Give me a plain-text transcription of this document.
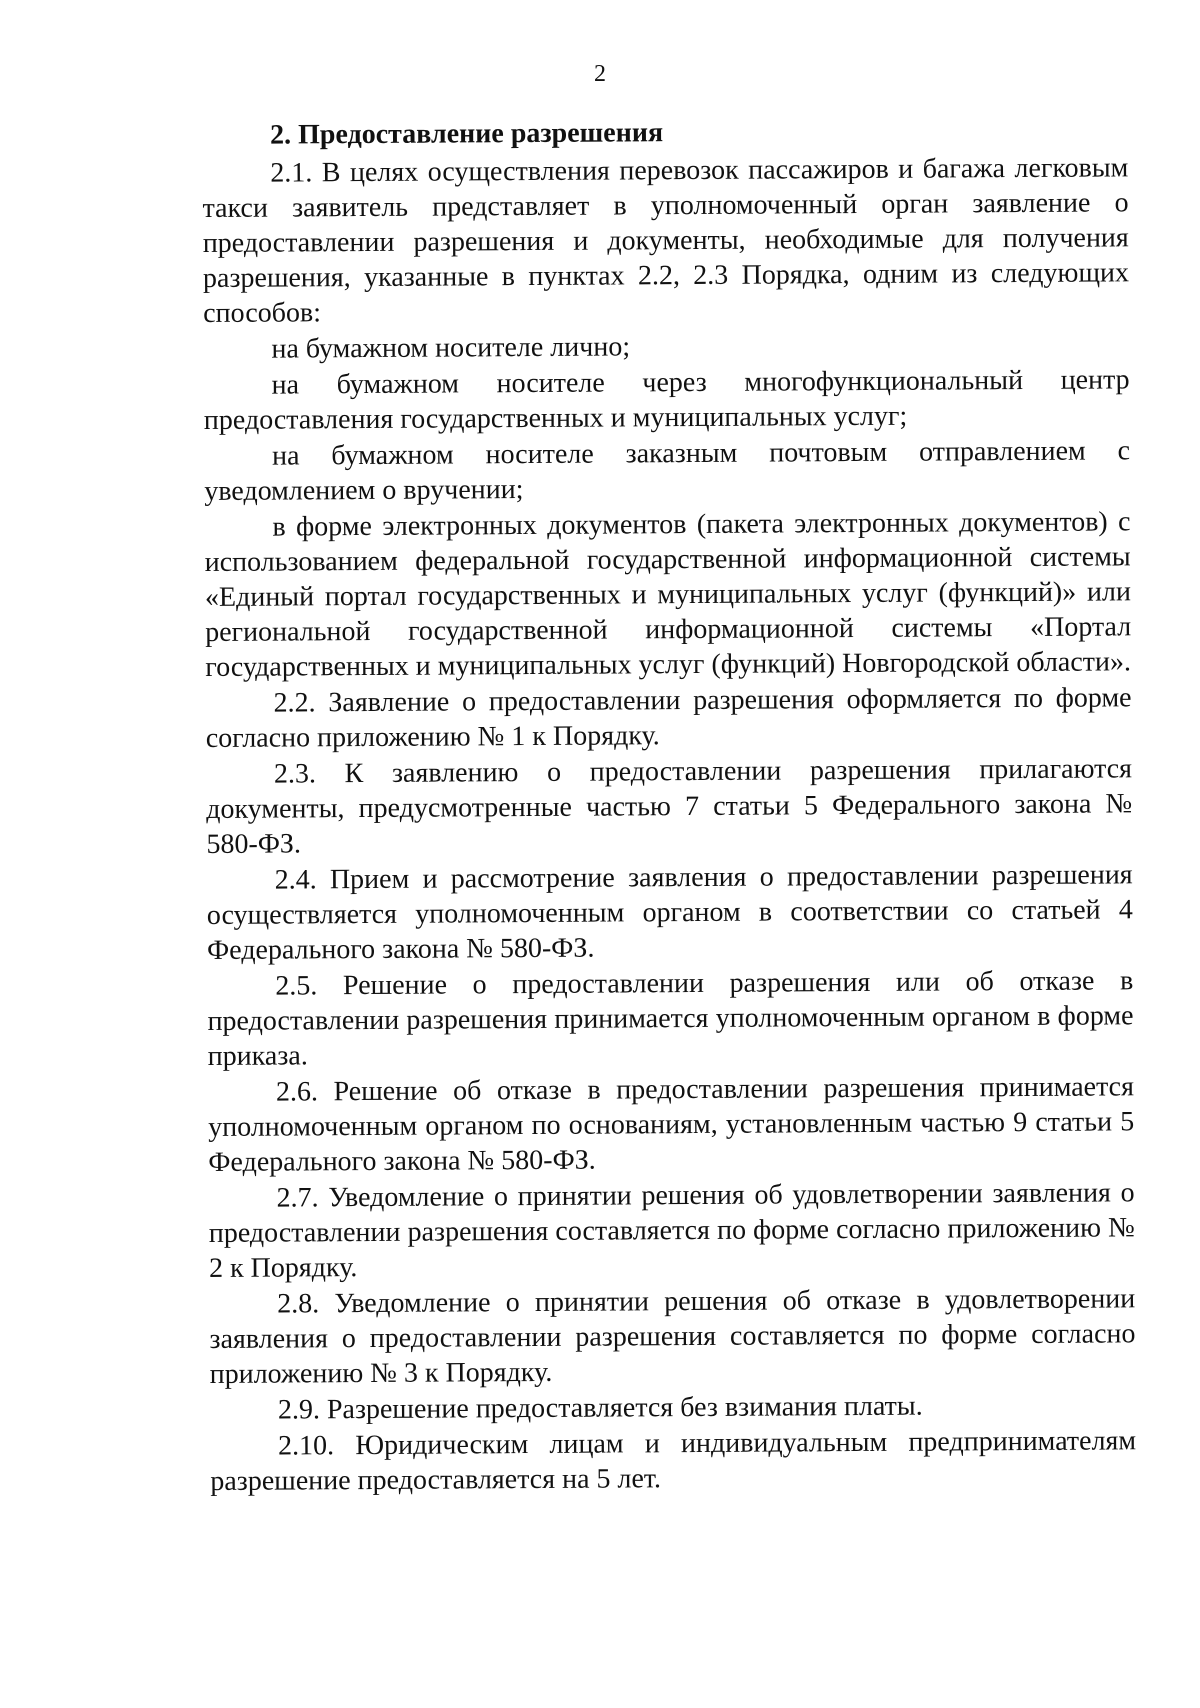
2

2. Предоставление разрешения

2.1. В целях осуществления перевозок пассажиров и багажа легковым такси заявитель представляет в уполномоченный орган заявление о предоставлении разрешения и документы, необходимые для получения разрешения, указанные в пунктах 2.2, 2.3 Порядка, одним из следующих способов:

на бумажном носителе лично;

на бумажном носителе через многофункциональный центр предоставления государственных и муниципальных услуг;

на бумажном носителе заказным почтовым отправлением с уведомлением о вручении;

в форме электронных документов (пакета электронных документов) с использованием федеральной государственной информационной системы «Единый портал государственных и муниципальных услуг (функций)» или региональной государственной информационной системы «Портал государственных и муниципальных услуг (функций) Новгородской области».

2.2. Заявление о предоставлении разрешения оформляется по форме согласно приложению № 1 к Порядку.

2.3. К заявлению о предоставлении разрешения прилагаются документы, предусмотренные частью 7 статьи 5 Федерального закона № 580-ФЗ.

2.4. Прием и рассмотрение заявления о предоставлении разрешения осуществляется уполномоченным органом в соответствии со статьей 4 Федерального закона № 580-ФЗ.

2.5. Решение о предоставлении разрешения или об отказе в предоставлении разрешения принимается уполномоченным органом в форме приказа.

2.6. Решение об отказе в предоставлении разрешения принимается уполномоченным органом по основаниям, установленным частью 9 статьи 5 Федерального закона № 580-ФЗ.

2.7. Уведомление о принятии решения об удовлетворении заявления о предоставлении разрешения составляется по форме согласно приложению № 2 к Порядку.

2.8. Уведомление о принятии решения об отказе в удовлетворении заявления о предоставлении разрешения составляется по форме согласно приложению № 3 к Порядку.

2.9. Разрешение предоставляется без взимания платы.

2.10. Юридическим лицам и индивидуальным предпринимателям разрешение предоставляется на 5 лет.
